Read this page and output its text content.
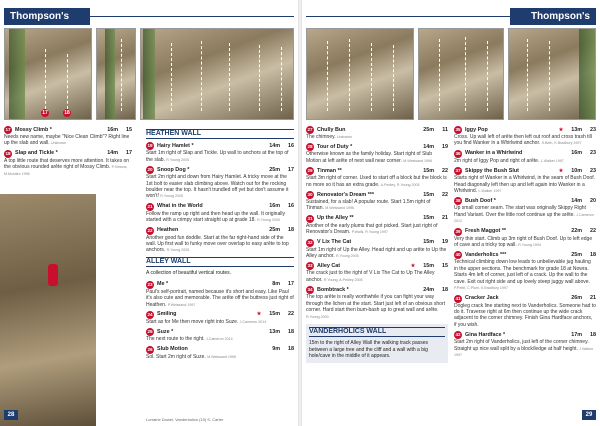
Thompson's
17	18
17 Mossy Climb *	16m	15
Needs new name, maybe "Nice Clean Climb"? Right line up the slab and wall. Unknown
18 Slap and Tickle *	14m	17
A top little route that deserves more attention. It takes on the obvious rounded arête right of Mossy Climb. P.Simons, M.Mcintire 1996
HEATHEN WALL
19 Hairy Hamlet *	14m	16
Start 1m right of Slap and Tickle. Up wall to anchors at the top of the slab. R.Young 2005
20 Snoop Dog *	25m	17
Start 2m right and down from Hairy Hamlet. A tricky move at the 1st bolt to easier slab climbing above. Watch out for the rocking boulder near the top. It hasn't trundled off yet but don't assume it won't! R.Young 2005
21 What in the World	16m	16
Follow the ramp up right and then head up the wall. It originally started with a crimpy start straight up at grade 18. R.Young 2005
22 Heathen	25m	18
Another good fun doddle. Start at the far right-hand side of the wall. Up first wall to funky move over overlap to easy arête to top anchors. R.Young 2005
ALLEY WALL
A collection of beautiful vertical routes.
23 Me *	8m	17
Paul's self-portrait, named because it's short and easy. Like Paul it's also cute and memorable. The arête off the buttress just right of Heathen. P.Weissand 1997
24 Smiling	★	15m	22
Start as for Me then move right into Suze. J.Cameron 2014
25 Suze *	13m	18
The next route to the right. J.Cameron 2014
26 Slub Motion	9m	18
Sol. Start 2m right of Suze. M.Weissand 1996
Lorraine Dowel, Vanderholics (15) S. Carter
28
Thompson's
27 Chully Bun	25m	11
The chimney. Unknown
28 Tour of Duty *	14m	19
Otherwise known as the family holiday. Start right of Slub Motion at left arête of next wall near corner. M.Weissand 1996
29 Tinman **	15m	22
Start 3m right of corner. Used to start off a block but the block is no more so it has an extra grade. A.Pedley, R.Young 2005
30 Renovator's Dream ***	15m	22
Sustained, for a slab! A popular route. Start 1.5m right of Tinman. M.Weissand 1996
31 Up the Alley **	15m	21
Another of the early plums that got picked. Start just right of Renovator's Dream. P.Walls, R.Young 1997
32 V Lix The Cat	15m	19
Start 1m right of Up the Alley. Head right and up arête to Up the Alley anchor. R.Young 2005
33 Alley Cat	★	15m	15
The crack just to the right of V Lix The Cat to Up The Alley anchor. R.Young, A.Pedley 2005
34 Bombtrack *	24m	18
The top arête is really worthwhile if you can fight your way through the lichen at the start. Start just left of an obvious short corner. Hard start then bum-bash up to great wall and arête. R.Young 2000
VANDERHOLICS WALL
15m to the right of Alley Wall the walking track passes between a large tree and the cliff and a wall with a big hole/cave in the middle of it appears.
35 Iggy Pop	★	13m	23
Cross. Up wall left of arête then left out roof and cross trash till you find Wanker in a Whirlwind anchor. S.Beth, K.Bradbury 1997
36 Wanker in a Whirlwind	16m	23
2m right of Iggy Pop and right of arête. L.Walker 1997
37 Skippy the Bush Slut	★	10m	23
Starts right of Wanker in a Whirlwind, in the seam of Bush Doof. Head diagonally left then up and left again into Wanker in a Whirlwind. L.Walker 1997
38 Bush Doof *	14m	20
Up small corner seam. The start was originally Skippy Right Hand Variant. Over the little roof continue up the arête. J.Cameron 2012
39 Fresh Maggot **	22m	22
Very thin start. Climb up 3m right of Bush Doof. Up to left edge of cave and a tricky top wall. R.Young 1994
40 Vanderholics ***	25m	18
Technical climbing down low leads to unbelievable jug hauling in the upper sections. The benchmark for grade 18 at Nowra. Starts 4m left of corner, just left of a crack. Up the wall to the cave. Exit out right side and up lovely steep juggy wall above. P.Pettit, C.Plum, K.Bradbury 1997
41 Cracker Jack	26m	21
Dogleg crack line starting next to Vanderholics. Someone had to do it. Traverse right at 6m then continue up the wide crack adjacent to the corner chimney. Finish Gina Hardface anchors, if you wish.
42 Gina Hardface *	17m	18
Start 2m right of Vanderholics, just left of the corner chimney. Straight up nice wall split by a block/ledge at half height. J.Walker 1997
29
